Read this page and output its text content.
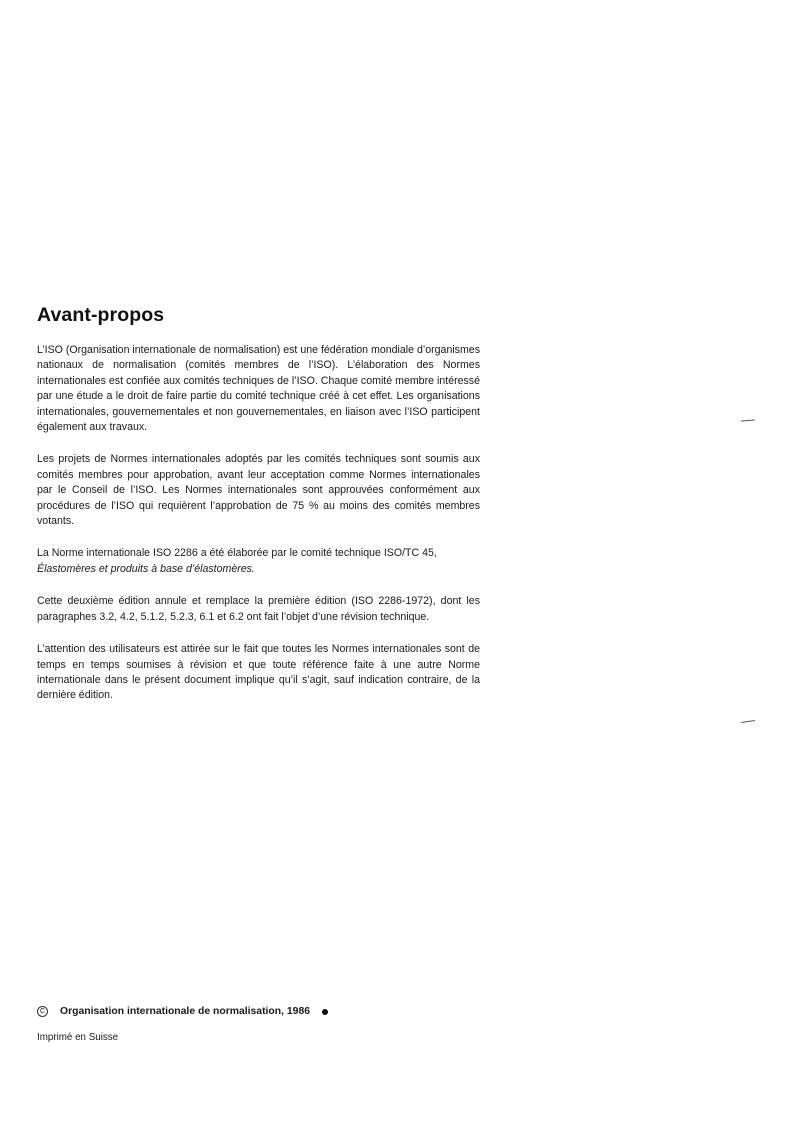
Avant-propos

L’ISO (Organisation internationale de normalisation) est une fédération mondiale d’organismes nationaux de normalisation (comités membres de l’ISO). L’élaboration des Normes internationales est confiée aux comités techniques de l’ISO. Chaque comité membre intéressé par une étude a le droit de faire partie du comité technique créé à cet effet. Les organisations internationales, gouvernementales et non gouvernementales, en liaison avec l’ISO participent également aux travaux.

Les projets de Normes internationales adoptés par les comités techniques sont soumis aux comités membres pour approbation, avant leur acceptation comme Normes internationales par le Conseil de l’ISO. Les Normes internationales sont approuvées conformément aux procédures de l’ISO qui requièrent l’approbation de 75 % au moins des comités membres votants.

La Norme internationale ISO 2286 a été élaborée par le comité technique ISO/TC 45,
Élastomères et produits à base d’élastomères.

Cette deuxième édition annule et remplace la première édition (ISO 2286-1972), dont les paragraphes 3.2, 4.2, 5.1.2, 5.2.3, 6.1 et 6.2 ont fait l’objet d’une révision technique.

L’attention des utilisateurs est attirée sur le fait que toutes les Normes internationales sont de temps en temps soumises à révision et que toute référence faite à une autre Norme internationale dans le présent document implique qu’il s’agit, sauf indication contraire, de la dernière édition.

C Organisation internationale de normalisation, 1986
Imprimé en Suisse
